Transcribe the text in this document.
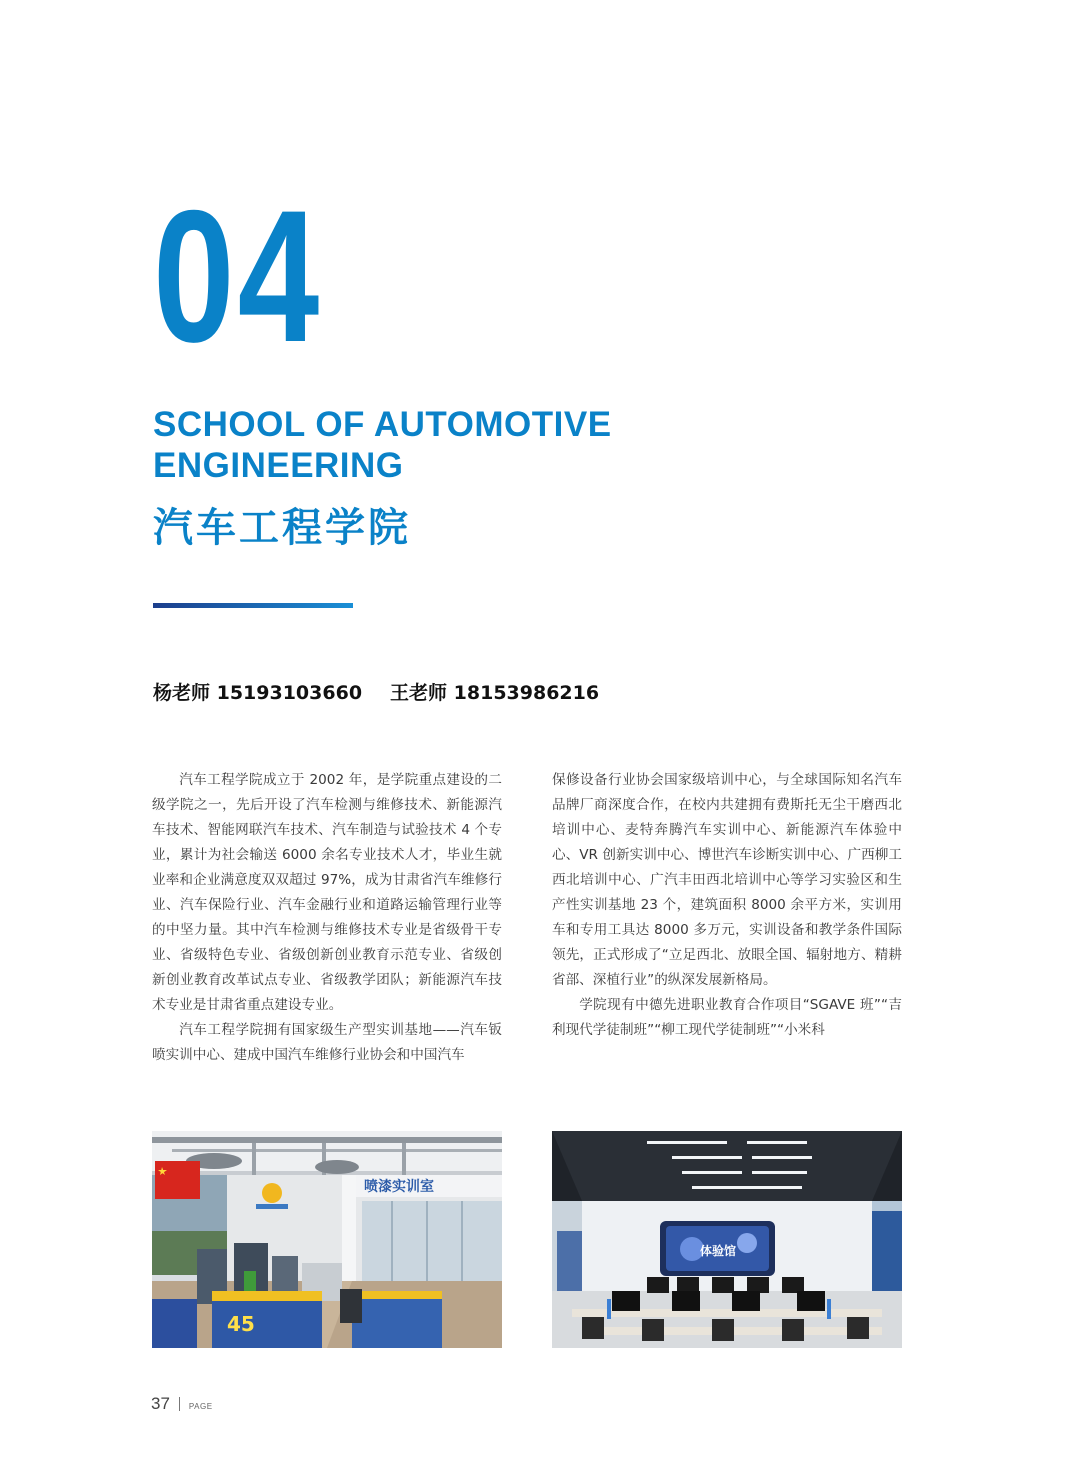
04
SCHOOL OF AUTOMOTIVE
ENGINEERING
汽车工程学院
杨老师 15193103660 王老师 18153986216

汽车工程学院成立于 2002 年，是学院重点建设的二级学院之一，先后开设了汽车检测与维修技术、新能源汽车技术、智能网联汽车技术、汽车制造与试验技术 4 个专业，累计为社会输送 6000 余名专业技术人才，毕业生就业率和企业满意度双双超过 97%，成为甘肃省汽车维修行业、汽车保险行业、汽车金融行业和道路运输管理行业等的中坚力量。其中汽车检测与维修技术专业是省级骨干专业、省级特色专业、省级创新创业教育示范专业、省级创新创业教育改革试点专业、省级教学团队；新能源汽车技术专业是甘肃省重点建设专业。

汽车工程学院拥有国家级生产型实训基地——汽车钣喷实训中心、建成中国汽车维修行业协会和中国汽车

保修设备行业协会国家级培训中心，与全球国际知名汽车品牌厂商深度合作，在校内共建拥有费斯托无尘干磨西北培训中心、麦特奔腾汽车实训中心、新能源汽车体验中心、VR 创新实训中心、博世汽车诊断实训中心、广西柳工西北培训中心、广汽丰田西北培训中心等学习实验区和生产性实训基地 23 个，建筑面积 8000 余平方米，实训用车和专用工具达 8000 多万元，实训设备和教学条件国际领先，正式形成了“立足西北、放眼全国、辐射地方、精耕省部、深植行业”的纵深发展新格局。

学院现有中德先进职业教育合作项目“SGAVE 班”“吉利现代学徒制班”“柳工现代学徒制班”“小米科

喷漆实训室
45
体验馆
37 PAGE
